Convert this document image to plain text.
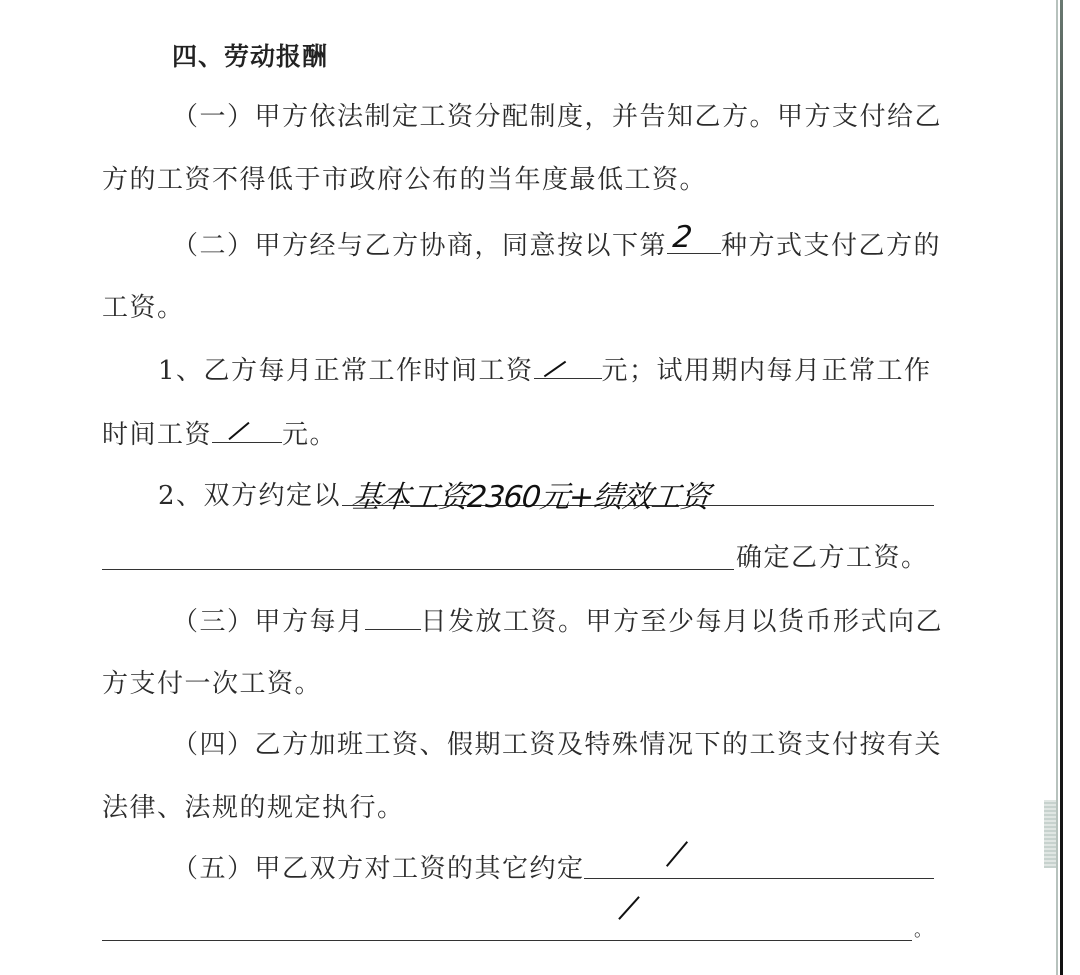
四、劳动报酬
（一）甲方依法制定工资分配制度，并告知乙方。甲方支付给乙
方的工资不得低于市政府公布的当年度最低工资。
（二）甲方经与乙方协商，同意按以下第 2 种方式支付乙方的
工资。
1、乙方每月正常工作时间工资	元；试用期内每月正常工作
时间工资	元。
2、双方约定以 基本工资2360元+绩效工资
确定乙方工资。
（三）甲方每月 日发放工资。甲方至少每月以货币形式向乙
方支付一次工资。
（四）乙方加班工资、假期工资及特殊情况下的工资支付按有关
法律、法规的规定执行。
（五）甲乙双方对工资的其它约定
。
